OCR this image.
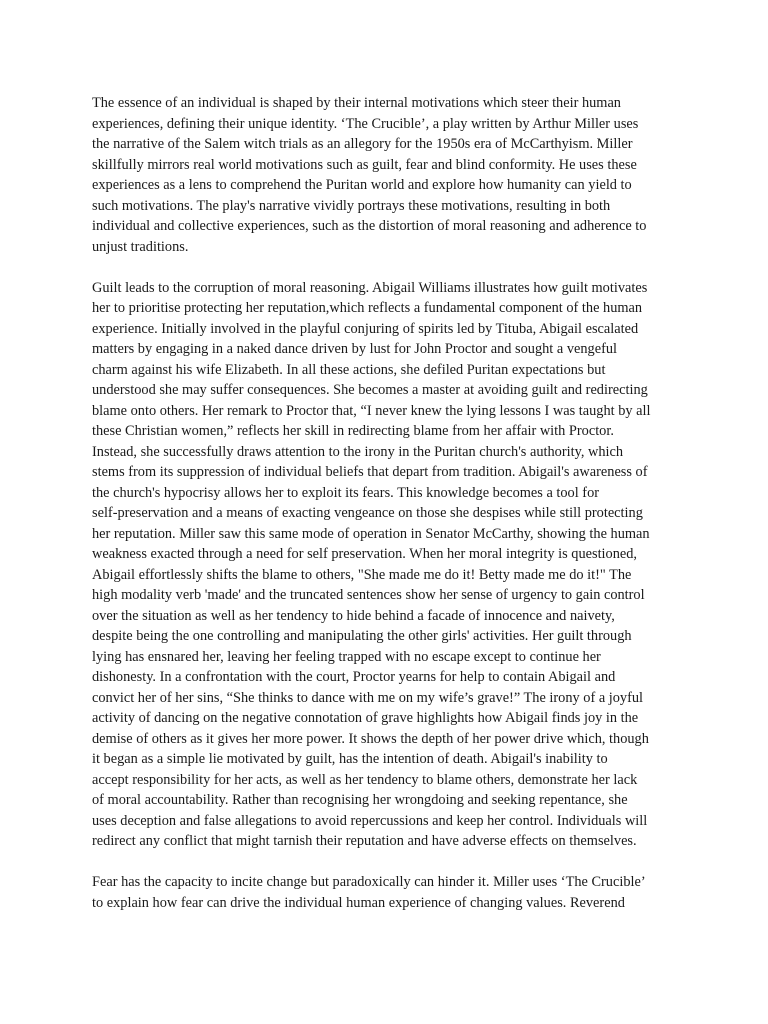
The essence of an individual is shaped by their internal motivations which steer their human
experiences, defining their unique identity. ‘The Crucible’, a play written by Arthur Miller uses
the narrative of the Salem witch trials as an allegory for the 1950s era of McCarthyism. Miller
skillfully mirrors real world motivations such as guilt, fear and blind conformity. He uses these
experiences as a lens to comprehend the Puritan world and explore how humanity can yield to
such motivations. The play's narrative vividly portrays these motivations, resulting in both
individual and collective experiences, such as the distortion of moral reasoning and adherence to
unjust traditions.
Guilt leads to the corruption of moral reasoning. Abigail Williams illustrates how guilt motivates
her to prioritise protecting her reputation,which reflects a fundamental component of the human
experience. Initially involved in the playful conjuring of spirits led by Tituba, Abigail escalated
matters by engaging in a naked dance driven by lust for John Proctor and sought a vengeful
charm against his wife Elizabeth. In all these actions, she defiled Puritan expectations but
understood she may suffer consequences. She becomes a master at avoiding guilt and redirecting
blame onto others. Her remark to Proctor that, “I never knew the lying lessons I was taught by all
these Christian women,” reflects her skill in redirecting blame from her affair with Proctor.
Instead, she successfully draws attention to the irony in the Puritan church's authority, which
stems from its suppression of individual beliefs that depart from tradition. Abigail's awareness of
the church's hypocrisy allows her to exploit its fears. This knowledge becomes a tool for
self-preservation and a means of exacting vengeance on those she despises while still protecting
her reputation. Miller saw this same mode of operation in Senator McCarthy, showing the human
weakness exacted through a need for self preservation. When her moral integrity is questioned,
Abigail effortlessly shifts the blame to others, "She made me do it! Betty made me do it!" The
high modality verb 'made' and the truncated sentences show her sense of urgency to gain control
over the situation as well as her tendency to hide behind a facade of innocence and naivety,
despite being the one controlling and manipulating the other girls' activities. Her guilt through
lying has ensnared her, leaving her feeling trapped with no escape except to continue her
dishonesty. In a confrontation with the court, Proctor yearns for help to contain Abigail and
convict her of her sins, “She thinks to dance with me on my wife’s grave!” The irony of a joyful
activity of dancing on the negative connotation of grave highlights how Abigail finds joy in the
demise of others as it gives her more power. It shows the depth of her power drive which, though
it began as a simple lie motivated by guilt, has the intention of death. Abigail's inability to
accept responsibility for her acts, as well as her tendency to blame others, demonstrate her lack
of moral accountability. Rather than recognising her wrongdoing and seeking repentance, she
uses deception and false allegations to avoid repercussions and keep her control. Individuals will
redirect any conflict that might tarnish their reputation and have adverse effects on themselves.
Fear has the capacity to incite change but paradoxically can hinder it. Miller uses ‘The Crucible’
to explain how fear can drive the individual human experience of changing values. Reverend
